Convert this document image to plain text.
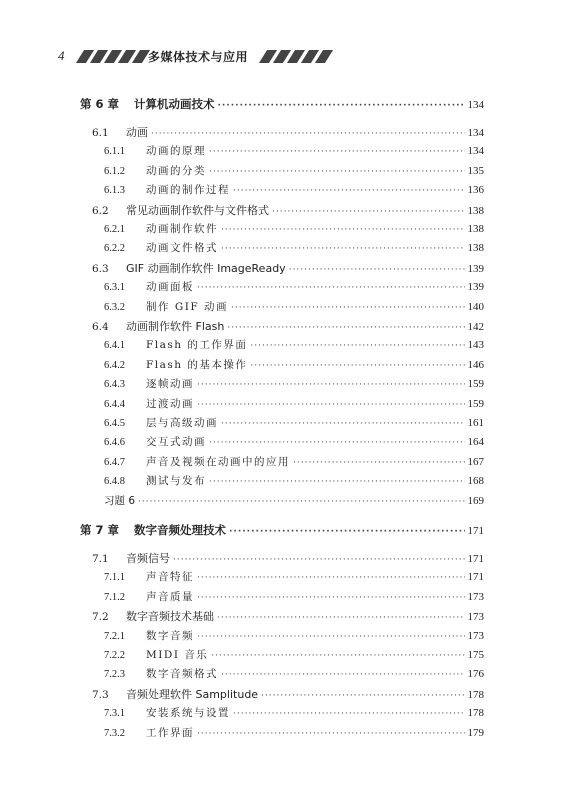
4	多媒体技术与应用
第 6 章	计算机动画技术 ·····	134
6.1	动画 ·····	134
6.1.1	动画的原理 ·····	134
6.1.2	动画的分类 ·····	135
6.1.3	动画的制作过程 ·····	136
6.2	常见动画制作软件与文件格式 ·····	138
6.2.1	动画制作软件 ·····	138
6.2.2	动画文件格式 ·····	138
6.3	GIF 动画制作软件 ImageReady ·····	139
6.3.1	动画面板 ·····	139
6.3.2	制作 GIF 动画 ·····	140
6.4	动画制作软件 Flash ·····	142
6.4.1	Flash 的工作界面 ·····	143
6.4.2	Flash 的基本操作 ·····	146
6.4.3	逐帧动画 ·····	159
6.4.4	过渡动画 ·····	159
6.4.5	层与高级动画 ·····	161
6.4.6	交互式动画 ·····	164
6.4.7	声音及视频在动画中的应用 ·····	167
6.4.8	测试与发布 ·····	168
习题 6 ·····	169
第 7 章	数字音频处理技术 ·····	171
7.1	音频信号 ·····	171
7.1.1	声音特征 ·····	171
7.1.2	声音质量 ·····	173
7.2	数字音频技术基础 ·····	173
7.2.1	数字音频 ·····	173
7.2.2	MIDI 音乐 ·····	175
7.2.3	数字音频格式 ·····	176
7.3	音频处理软件 Samplitude ·····	178
7.3.1	安装系统与设置 ·····	178
7.3.2	工作界面 ·····	179
